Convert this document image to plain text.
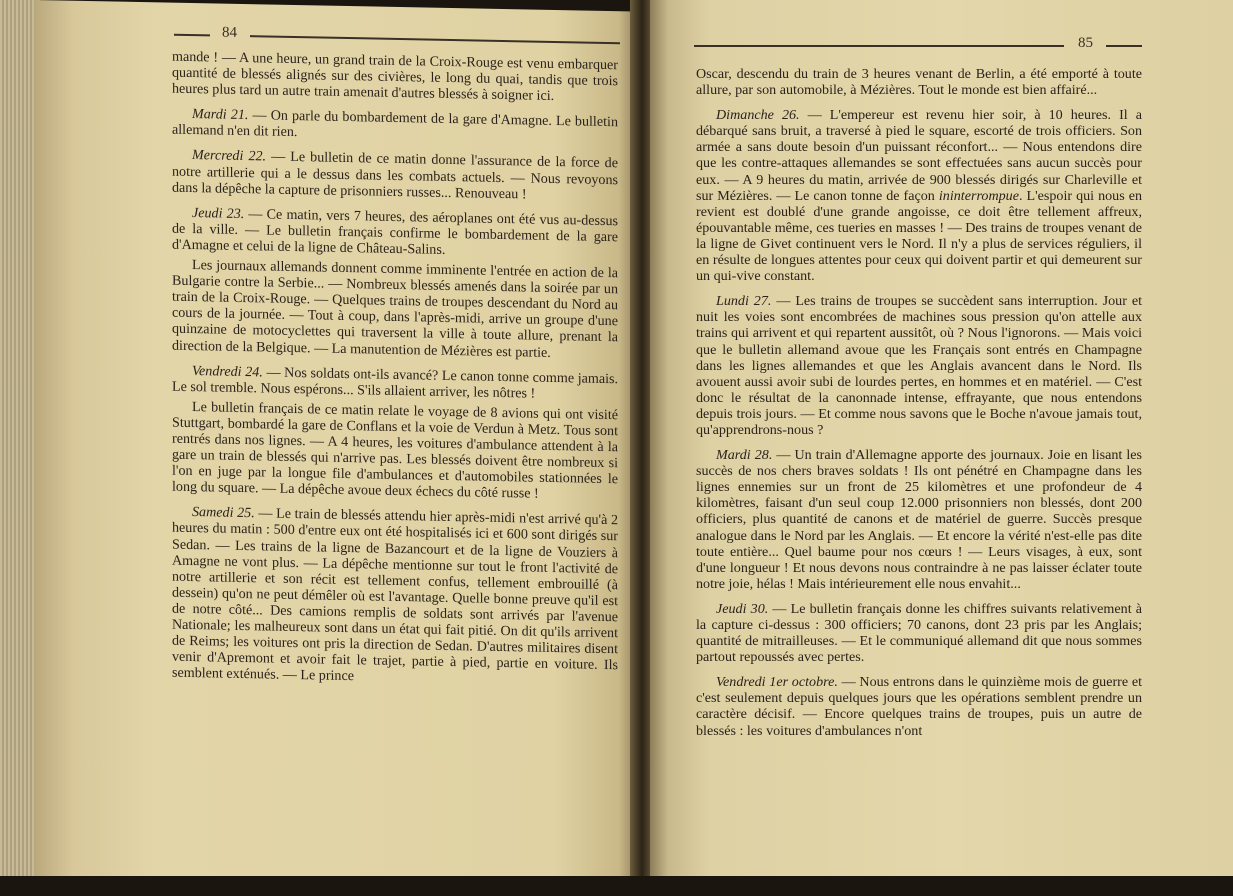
84

mande ! — A une heure, un grand train de la Croix-Rouge est venu embarquer quantité de blessés alignés sur des civières, le long du quai, tandis que trois heures plus tard un autre train amenait d'autres blessés à soigner ici.

Mardi 21. — On parle du bombardement de la gare d'Amagne. Le bulletin allemand n'en dit rien.

Mercredi 22. — Le bulletin de ce matin donne l'assurance de la force de notre artillerie qui a le dessus dans les combats actuels. — Nous revoyons dans la dépêche la capture de prisonniers russes... Renouveau !

Jeudi 23. — Ce matin, vers 7 heures, des aéroplanes ont été vus au-dessus de la ville. — Le bulletin français confirme le bombardement de la gare d'Amagne et celui de la ligne de Château-Salins.

Les journaux allemands donnent comme imminente l'entrée en action de la Bulgarie contre la Serbie... — Nombreux blessés amenés dans la soirée par un train de la Croix-Rouge. — Quelques trains de troupes descendant du Nord au cours de la journée. — Tout à coup, dans l'après-midi, arrive un groupe d'une quinzaine de motocyclettes qui traversent la ville à toute allure, prenant la direction de la Belgique. — La manutention de Mézières est partie.

Vendredi 24. — Nos soldats ont-ils avancé? Le canon tonne comme jamais. Le sol tremble. Nous espérons... S'ils allaient arriver, les nôtres !

Le bulletin français de ce matin relate le voyage de 8 avions qui ont visité Stuttgart, bombardé la gare de Conflans et la voie de Verdun à Metz. Tous sont rentrés dans nos lignes. — A 4 heures, les voitures d'ambulance attendent à la gare un train de blessés qui n'arrive pas. Les blessés doivent être nombreux si l'on en juge par la longue file d'ambulances et d'automobiles stationnées le long du square. — La dépêche avoue deux échecs du côté russe !

Samedi 25. — Le train de blessés attendu hier après-midi n'est arrivé qu'à 2 heures du matin : 500 d'entre eux ont été hospitalisés ici et 600 sont dirigés sur Sedan. — Les trains de la ligne de Bazancourt et de la ligne de Vouziers à Amagne ne vont plus. — La dépêche mentionne sur tout le front l'activité de notre artillerie et son récit est tellement confus, tellement embrouillé (à dessein) qu'on ne peut démêler où est l'avantage. Quelle bonne preuve qu'il est de notre côté... Des camions remplis de soldats sont arrivés par l'avenue Nationale; les malheureux sont dans un état qui fait pitié. On dit qu'ils arrivent de Reims; les voitures ont pris la direction de Sedan. D'autres militaires disent venir d'Apremont et avoir fait le trajet, partie à pied, partie en voiture. Ils semblent exténués. — Le prince

85

Oscar, descendu du train de 3 heures venant de Berlin, a été emporté à toute allure, par son automobile, à Mézières. Tout le monde est bien affairé...

Dimanche 26. — L'empereur est revenu hier soir, à 10 heures. Il a débarqué sans bruit, a traversé à pied le square, escorté de trois officiers. Son armée a sans doute besoin d'un puissant réconfort... — Nous entendons dire que les contre-attaques allemandes se sont effectuées sans aucun succès pour eux. — A 9 heures du matin, arrivée de 900 blessés dirigés sur Charleville et sur Mézières. — Le canon tonne de façon ininterrompue. L'espoir qui nous en revient est doublé d'une grande angoisse, ce doit être tellement affreux, épouvantable même, ces tueries en masses ! — Des trains de troupes venant de la ligne de Givet continuent vers le Nord. Il n'y a plus de services réguliers, il en résulte de longues attentes pour ceux qui doivent partir et qui demeurent sur un qui-vive constant.

Lundi 27. — Les trains de troupes se succèdent sans interruption. Jour et nuit les voies sont encombrées de machines sous pression qu'on attelle aux trains qui arrivent et qui repartent aussitôt, où ? Nous l'ignorons. — Mais voici que le bulletin allemand avoue que les Français sont entrés en Champagne dans les lignes allemandes et que les Anglais avancent dans le Nord. Ils avouent aussi avoir subi de lourdes pertes, en hommes et en matériel. — C'est donc le résultat de la canonnade intense, effrayante, que nous entendons depuis trois jours. — Et comme nous savons que le Boche n'avoue jamais tout, qu'apprendrons-nous ?

Mardi 28. — Un train d'Allemagne apporte des journaux. Joie en lisant les succès de nos chers braves soldats ! Ils ont pénétré en Champagne dans les lignes ennemies sur un front de 25 kilomètres et une profondeur de 4 kilomètres, faisant d'un seul coup 12.000 prisonniers non blessés, dont 200 officiers, plus quantité de canons et de matériel de guerre. Succès presque analogue dans le Nord par les Anglais. — Et encore la vérité n'est-elle pas dite toute entière... Quel baume pour nos cœurs ! — Leurs visages, à eux, sont d'une longueur ! Et nous devons nous contraindre à ne pas laisser éclater toute notre joie, hélas ! Mais intérieurement elle nous envahit...

Jeudi 30. — Le bulletin français donne les chiffres suivants relativement à la capture ci-dessus : 300 officiers; 70 canons, dont 23 pris par les Anglais; quantité de mitrailleuses. — Et le communiqué allemand dit que nous sommes partout repoussés avec pertes.

Vendredi 1er octobre. — Nous entrons dans le quinzième mois de guerre et c'est seulement depuis quelques jours que les opérations semblent prendre un caractère décisif. — Encore quelques trains de troupes, puis un autre de blessés : les voitures d'ambulances n'ont
